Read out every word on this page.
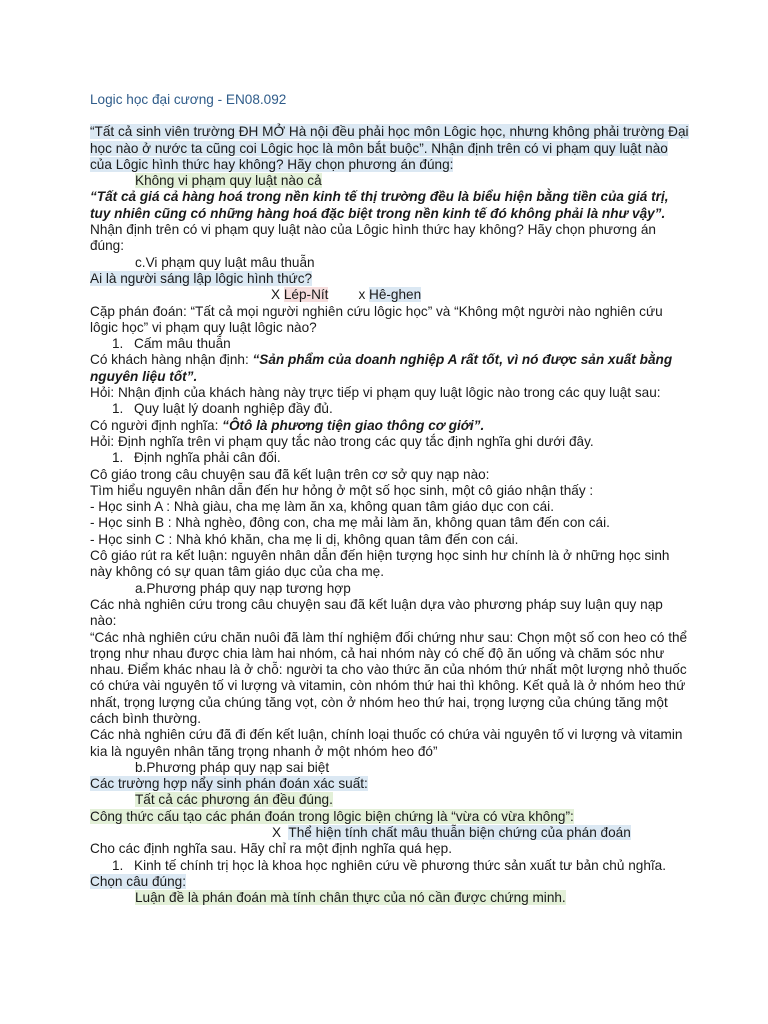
Logic học đại cương - EN08.092
“Tất cả sinh viên trường ĐH MỞ Hà nội đều phải học môn Lôgic học, nhưng không phải trường Đại học nào ở nước ta cũng coi Lôgic học là môn bắt buộc”. Nhận định trên có vi phạm quy luật nào của Lôgic hình thức hay không? Hãy chọn phương án đúng:
Không vi phạm quy luật nào cả
“Tất cả giá cả hàng hoá trong nền kinh tế thị trường đều là biểu hiện bằng tiền của giá trị, tuy nhiên cũng có những hàng hoá đặc biệt trong nền kinh tế đó không phải là như vậy”. Nhận định trên có vi phạm quy luật nào của Lôgic hình thức hay không? Hãy chọn phương án đúng:
c.Vi phạm quy luật mâu thuẫn
Ai là người sáng lập lôgic hình thức?
X Lép-Nít x Hê-ghen
Cặp phán đoán: “Tất cả mọi người nghiên cứu lôgic học” và “Không một người nào nghiên cứu lôgic học” vi phạm quy luật lôgic nào?
1. Cấm mâu thuẫn
Có khách hàng nhận định: “Sản phẩm của doanh nghiệp A rất tốt, vì nó được sản xuất bằng nguyên liệu tốt”.
Hỏi: Nhận định của khách hàng này trực tiếp vi phạm quy luật lôgic nào trong các quy luật sau:
1. Quy luật lý doanh nghiệp đầy đủ.
Có người định nghĩa: “Ôtô là phương tiện giao thông cơ giới”.
Hỏi: Định nghĩa trên vi phạm quy tắc nào trong các quy tắc định nghĩa ghi dưới đây.
1. Định nghĩa phải cân đối.
Cô giáo trong câu chuyện sau đã kết luận trên cơ sở quy nạp nào:
Tìm hiểu nguyên nhân dẫn đến hư hỏng ở một số học sinh, một cô giáo nhận thấy :
- Học sinh A : Nhà giàu, cha mẹ làm ăn xa, không quan tâm giáo dục con cái.
- Học sinh B : Nhà nghèo, đông con, cha mẹ mải làm ăn, không quan tâm đến con cái.
- Học sinh C : Nhà khó khăn, cha mẹ li dị, không quan tâm đến con cái.
Cô giáo rút ra kết luận: nguyên nhân dẫn đến hiện tượng học sinh hư chính là ở những học sinh này không có sự quan tâm giáo dục của cha mẹ.
a.Phương pháp quy nạp tương hợp
Các nhà nghiên cứu trong câu chuyện sau đã kết luận dựa vào phương pháp suy luận quy nạp nào:
“Các nhà nghiên cứu chăn nuôi đã làm thí nghiệm đối chứng như sau: Chọn một số con heo có thể trọng như nhau được chia làm hai nhóm, cả hai nhóm này có chế độ ăn uống và chăm sóc như nhau. Điểm khác nhau là ở chỗ: người ta cho vào thức ăn của nhóm thứ nhất một lượng nhỏ thuốc có chứa vài nguyên tố vi lượng và vitamin, còn nhóm thứ hai thì không. Kết quả là ở nhóm heo thứ nhất, trọng lượng của chúng tăng vọt, còn ở nhóm heo thứ hai, trọng lượng của chúng tăng một cách bình thường.
Các nhà nghiên cứu đã đi đến kết luận, chính loại thuốc có chứa vài nguyên tố vi lượng và vitamin kia là nguyên nhân tăng trọng nhanh ở một nhóm heo đó”
b.Phương pháp quy nạp sai biệt
Các trường hợp nẩy sinh phán đoán xác suất:
Tất cả các phương án đều đúng.
Công thức cấu tạo các phán đoán trong lôgic biện chứng là “vừa có vừa không”:
X Thể hiện tính chất mâu thuẫn biện chứng của phán đoán
Cho các định nghĩa sau. Hãy chỉ ra một định nghĩa quá hẹp.
1. Kinh tế chính trị học là khoa học nghiên cứu về phương thức sản xuất tư bản chủ nghĩa.
Chọn câu đúng:
Luận đề là phán đoán mà tính chân thực của nó cần được chứng minh.
